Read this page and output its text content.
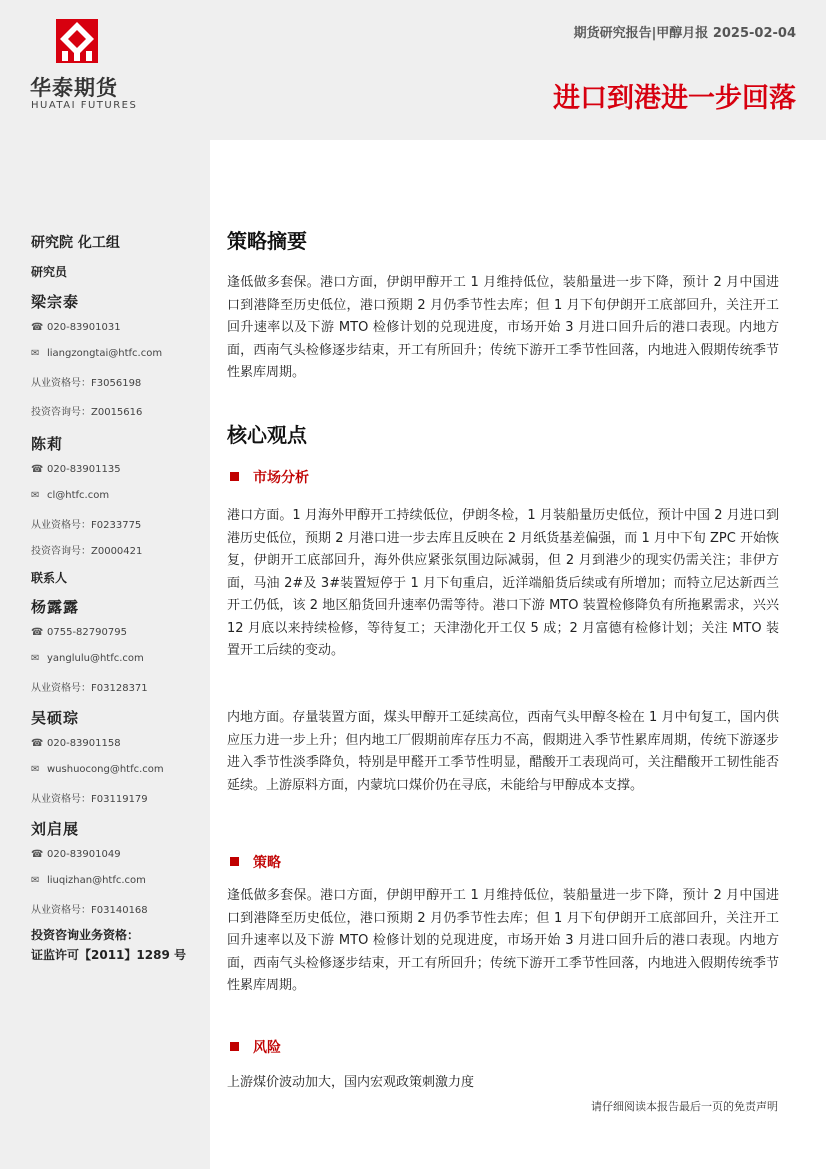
华泰期货
HUATAI FUTURES
期货研究报告|甲醇月报 2025-02-04
进口到港进一步回落
研究院 化工组
研究员
梁宗泰
☎ 020-83901031
✉ liangzongtai@htfc.com
从业资格号：F3056198
投资咨询号：Z0015616
陈莉
☎ 020-83901135
✉ cl@htfc.com
从业资格号：F0233775
投资咨询号：Z0000421
联系人
杨露露
☎ 0755-82790795
✉ yanglulu@htfc.com
从业资格号：F03128371
吴硕琮
☎ 020-83901158
✉ wushuocong@htfc.com
从业资格号：F03119179
刘启展
☎ 020-83901049
✉ liuqizhan@htfc.com
从业资格号：F03140168
投资咨询业务资格：
证监许可【2011】1289 号
策略摘要
逢低做多套保。港口方面，伊朗甲醇开工 1 月维持低位，装船量进一步下降，预计 2 月中国进口到港降至历史低位，港口预期 2 月仍季节性去库；但 1 月下旬伊朗开工底部回升，关注开工回升速率以及下游 MTO 检修计划的兑现进度，市场开始 3 月进口回升后的港口表现。内地方面，西南气头检修逐步结束，开工有所回升；传统下游开工季节性回落，内地进入假期传统季节性累库周期。
核心观点
市场分析
港口方面。1 月海外甲醇开工持续低位，伊朗冬检，1 月装船量历史低位，预计中国 2 月进口到港历史低位，预期 2 月港口进一步去库且反映在 2 月纸货基差偏强，而 1 月中下旬 ZPC 开始恢复，伊朗开工底部回升，海外供应紧张氛围边际减弱，但 2 月到港少的现实仍需关注；非伊方面，马油 2#及 3#装置短停于 1 月下旬重启，近洋端船货后续或有所增加；而特立尼达新西兰开工仍低，该 2 地区船货回升速率仍需等待。港口下游 MTO 装置检修降负有所拖累需求，兴兴 12 月底以来持续检修，等待复工；天津渤化开工仅 5 成；2 月富德有检修计划；关注 MTO 装置开工后续的变动。
内地方面。存量装置方面，煤头甲醇开工延续高位，西南气头甲醇冬检在 1 月中旬复工，国内供应压力进一步上升；但内地工厂假期前库存压力不高，假期进入季节性累库周期，传统下游逐步进入季节性淡季降负，特别是甲醛开工季节性明显，醋酸开工表现尚可，关注醋酸开工韧性能否延续。上游原料方面，内蒙坑口煤价仍在寻底，未能给与甲醇成本支撑。
策略
逢低做多套保。港口方面，伊朗甲醇开工 1 月维持低位，装船量进一步下降，预计 2 月中国进口到港降至历史低位，港口预期 2 月仍季节性去库；但 1 月下旬伊朗开工底部回升，关注开工回升速率以及下游 MTO 检修计划的兑现进度，市场开始 3 月进口回升后的港口表现。内地方面，西南气头检修逐步结束，开工有所回升；传统下游开工季节性回落，内地进入假期传统季节性累库周期。
风险
上游煤价波动加大，国内宏观政策刺激力度
请仔细阅读本报告最后一页的免责声明
